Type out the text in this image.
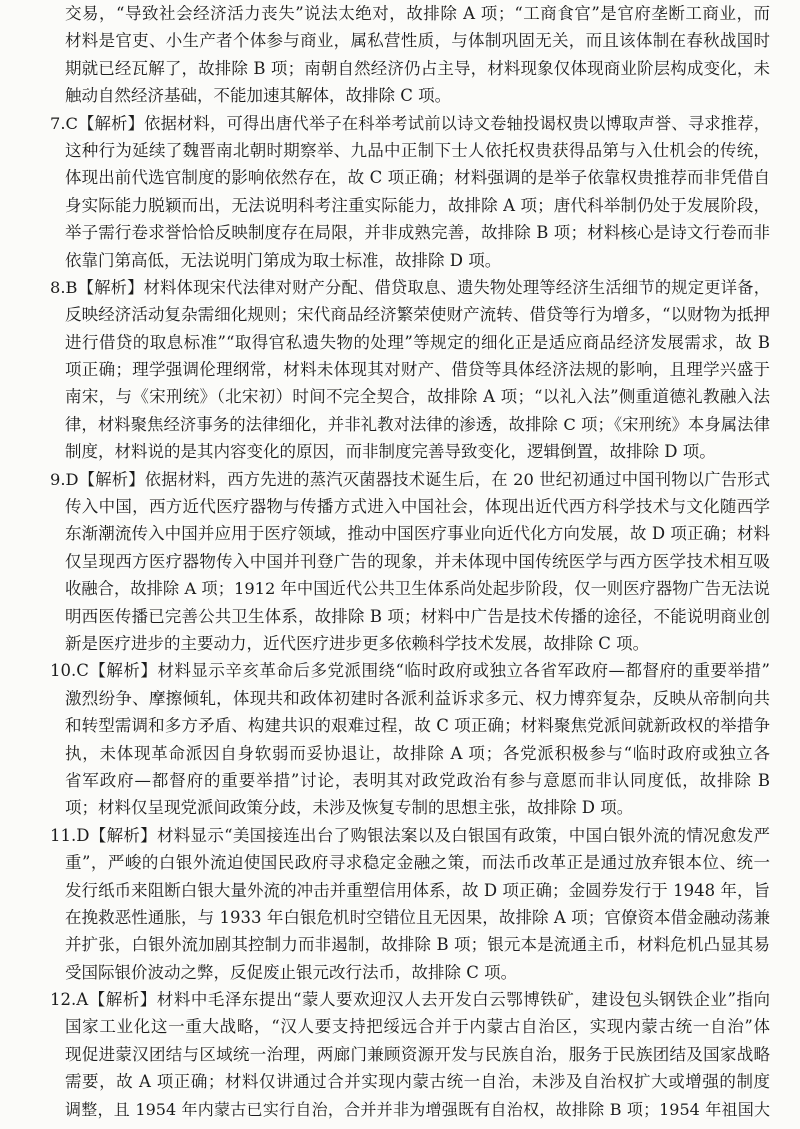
交易，“导致社会经济活力丧失”说法太绝对，故排除 A 项；“工商食官”是官府垄断工商业，而
材料是官吏、小生产者个体参与商业，属私营性质，与体制巩固无关，而且该体制在春秋战国时
期就已经瓦解了，故排除 B 项；南朝自然经济仍占主导，材料现象仅体现商业阶层构成变化，未
触动自然经济基础，不能加速其解体，故排除 C 项。
7.C【解析】依据材料，可得出唐代举子在科举考试前以诗文卷轴投谒权贵以博取声誉、寻求推荐，
这种行为延续了魏晋南北朝时期察举、九品中正制下士人依托权贵获得品第与入仕机会的传统，
体现出前代选官制度的影响依然存在，故 C 项正确；材料强调的是举子依靠权贵推荐而非凭借自
身实际能力脱颖而出，无法说明科考注重实际能力，故排除 A 项；唐代科举制仍处于发展阶段，
举子需行卷求誉恰恰反映制度存在局限，并非成熟完善，故排除 B 项；材料核心是诗文行卷而非
依靠门第高低，无法说明门第成为取士标准，故排除 D 项。
8.B【解析】材料体现宋代法律对财产分配、借贷取息、遗失物处理等经济生活细节的规定更详备，
反映经济活动复杂需细化规则；宋代商品经济繁荣使财产流转、借贷等行为增多，“以财物为抵押
进行借贷的取息标准”“取得官私遗失物的处理”等规定的细化正是适应商品经济发展需求，故 B
项正确；理学强调伦理纲常，材料未体现其对财产、借贷等具体经济法规的影响，且理学兴盛于
南宋，与《宋刑统》（北宋初）时间不完全契合，故排除 A 项；“以礼入法”侧重道德礼教融入法
律，材料聚焦经济事务的法律细化，并非礼教对法律的渗透，故排除 C 项；《宋刑统》本身属法律
制度，材料说的是其内容变化的原因，而非制度完善导致变化，逻辑倒置，故排除 D 项。
9.D【解析】依据材料，西方先进的蒸汽灭菌器技术诞生后，在 20 世纪初通过中国刊物以广告形式
传入中国，西方近代医疗器物与传播方式进入中国社会，体现出近代西方科学技术与文化随西学
东渐潮流传入中国并应用于医疗领域，推动中国医疗事业向近代化方向发展，故 D 项正确；材料
仅呈现西方医疗器物传入中国并刊登广告的现象，并未体现中国传统医学与西方医学技术相互吸
收融合，故排除 A 项；1912 年中国近代公共卫生体系尚处起步阶段，仅一则医疗器物广告无法说
明西医传播已完善公共卫生体系，故排除 B 项；材料中广告是技术传播的途径，不能说明商业创
新是医疗进步的主要动力，近代医疗进步更多依赖科学技术发展，故排除 C 项。
10.C【解析】材料显示辛亥革命后多党派围绕“临时政府或独立各省军政府—都督府的重要举措”
激烈纷争、摩擦倾轧，体现共和政体初建时各派利益诉求多元、权力博弈复杂，反映从帝制向共
和转型需调和多方矛盾、构建共识的艰难过程，故 C 项正确；材料聚焦党派间就新政权的举措争
执，未体现革命派因自身软弱而妥协退让，故排除 A 项；各党派积极参与“临时政府或独立各
省军政府—都督府的重要举措”讨论，表明其对政党政治有参与意愿而非认同度低，故排除 B
项；材料仅呈现党派间政策分歧，未涉及恢复专制的思想主张，故排除 D 项。
11.D【解析】材料显示“美国接连出台了购银法案以及白银国有政策，中国白银外流的情况愈发严
重”，严峻的白银外流迫使国民政府寻求稳定金融之策，而法币改革正是通过放弃银本位、统一
发行纸币来阻断白银大量外流的冲击并重塑信用体系，故 D 项正确；金圆券发行于 1948 年，旨
在挽救恶性通胀，与 1933 年白银危机时空错位且无因果，故排除 A 项；官僚资本借金融动荡兼
并扩张，白银外流加剧其控制力而非遏制，故排除 B 项；银元本是流通主币，材料危机凸显其易
受国际银价波动之弊，反促废止银元改行法币，故排除 C 项。
12.A【解析】材料中毛泽东提出“蒙人要欢迎汉人去开发白云鄂博铁矿，建设包头钢铁企业”指向
国家工业化这一重大战略，“汉人要支持把绥远合并于内蒙古自治区，实现内蒙古统一自治”体
现促进蒙汉团结与区域统一治理，两廊门兼顾资源开发与民族自治，服务于民族团结及国家战略
需要，故 A 项正确；材料仅讲通过合并实现内蒙古统一自治，未涉及自治权扩大或增强的制度
调整，且 1954 年内蒙古已实行自治，合并并非为增强既有自治权，故排除 B 项；1954 年祖国大
